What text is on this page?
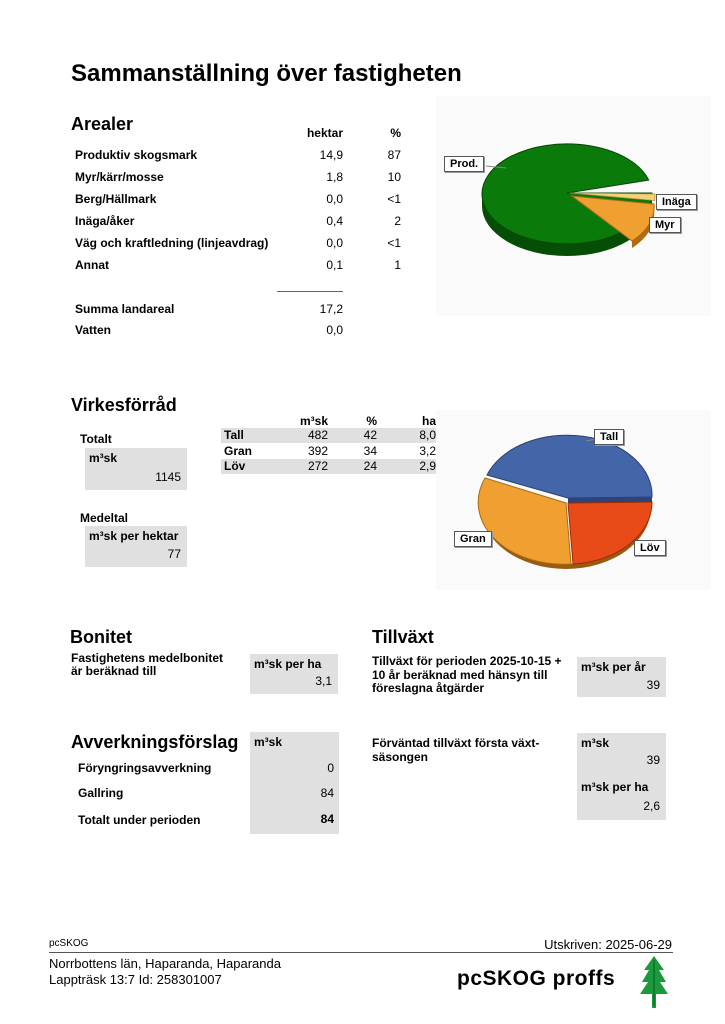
Sammanställning över fastigheten
Arealer	hektar	%
Produktiv skogsmark	14,9	87
Myr/kärr/mosse	1,8	10
Berg/Hällmark	0,0	<1
Inäga/åker	0,4	2
Väg och kraftledning (linjeavdrag)	0,0	<1
Annat	0,1	1
Summa landareal	17,2
Vatten	0,0
Prod.
Inäga
Myr
Virkesförråd
Totalt
m³sk
1145
Medeltal
m³sk per hektar
77
m³sk	%	ha
Tall	482	42	8,0
Gran	392	34	3,2
Löv	272	24	2,9
Tall
Gran
Löv
Bonitet
Fastighetens medelbonitet är beräknad till	m³sk per ha
3,1
Tillväxt
Tillväxt för perioden 2025-10-15 + 10 år beräknad med hänsyn till föreslagna åtgärder
m³sk per år
39
Förväntad tillväxt första växt-säsongen
m³sk
39
m³sk per ha
2,6
Avverkningsförslag m³sk
Föryngringsavverkning	0
Gallring	84
Totalt under perioden	84
pcSKOG	Utskriven: 2025-06-29
Norrbottens län, Haparanda, Haparanda
Lappträsk 13:7 Id: 258301007	pcSKOG proffs
